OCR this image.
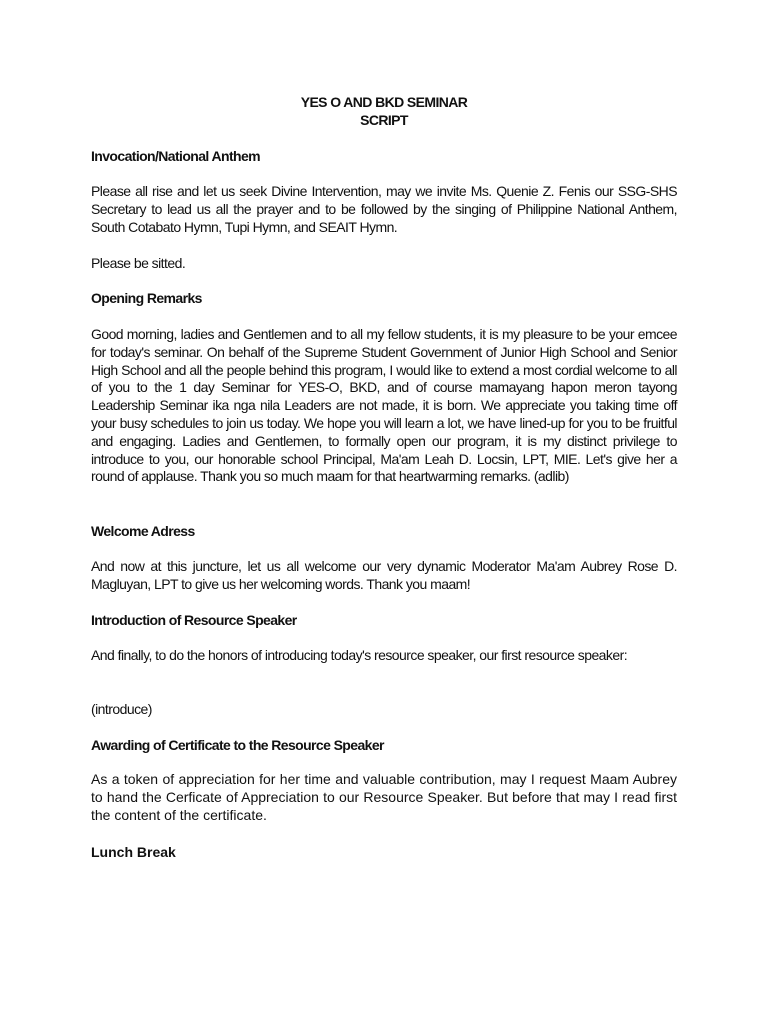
YES O AND BKD SEMINAR
SCRIPT
Invocation/National Anthem

Please all rise and let us seek Divine Intervention, may we invite Ms. Quenie Z. Fenis our SSG-SHS Secretary to lead us all the prayer and to be followed by the singing of Philippine National Anthem, South Cotabato Hymn, Tupi Hymn, and SEAIT Hymn.

Please be sitted.

Opening Remarks

Good morning, ladies and Gentlemen and to all my fellow students, it is my pleasure to be your emcee for today's seminar. On behalf of the Supreme Student Government of Junior High School and Senior High School and all the people behind this program, I would like to extend a most cordial welcome to all of you to the 1 day Seminar for YES-O, BKD, and of course mamayang hapon meron tayong Leadership Seminar ika nga nila Leaders are not made, it is born. We appreciate you taking time off your busy schedules to join us today. We hope you will learn a lot, we have lined-up for you to be fruitful and engaging. Ladies and Gentlemen, to formally open our program, it is my distinct privilege to introduce to you, our honorable school Principal, Ma'am Leah D. Locsin, LPT, MIE. Let's give her a round of applause. Thank you so much maam for that heartwarming remarks. (adlib)

Welcome Adress

And now at this juncture, let us all welcome our very dynamic Moderator Ma'am Aubrey Rose D. Magluyan, LPT to give us her welcoming words. Thank you maam!

Introduction of Resource Speaker

And finally, to do the honors of introducing today's resource speaker, our first resource speaker:

(introduce)

Awarding of Certificate to the Resource Speaker

As a token of appreciation for her time and valuable contribution, may I request Maam Aubrey to hand the Cerficate of Appreciation to our Resource Speaker. But before that may I read first the content of the certificate.

Lunch Break
